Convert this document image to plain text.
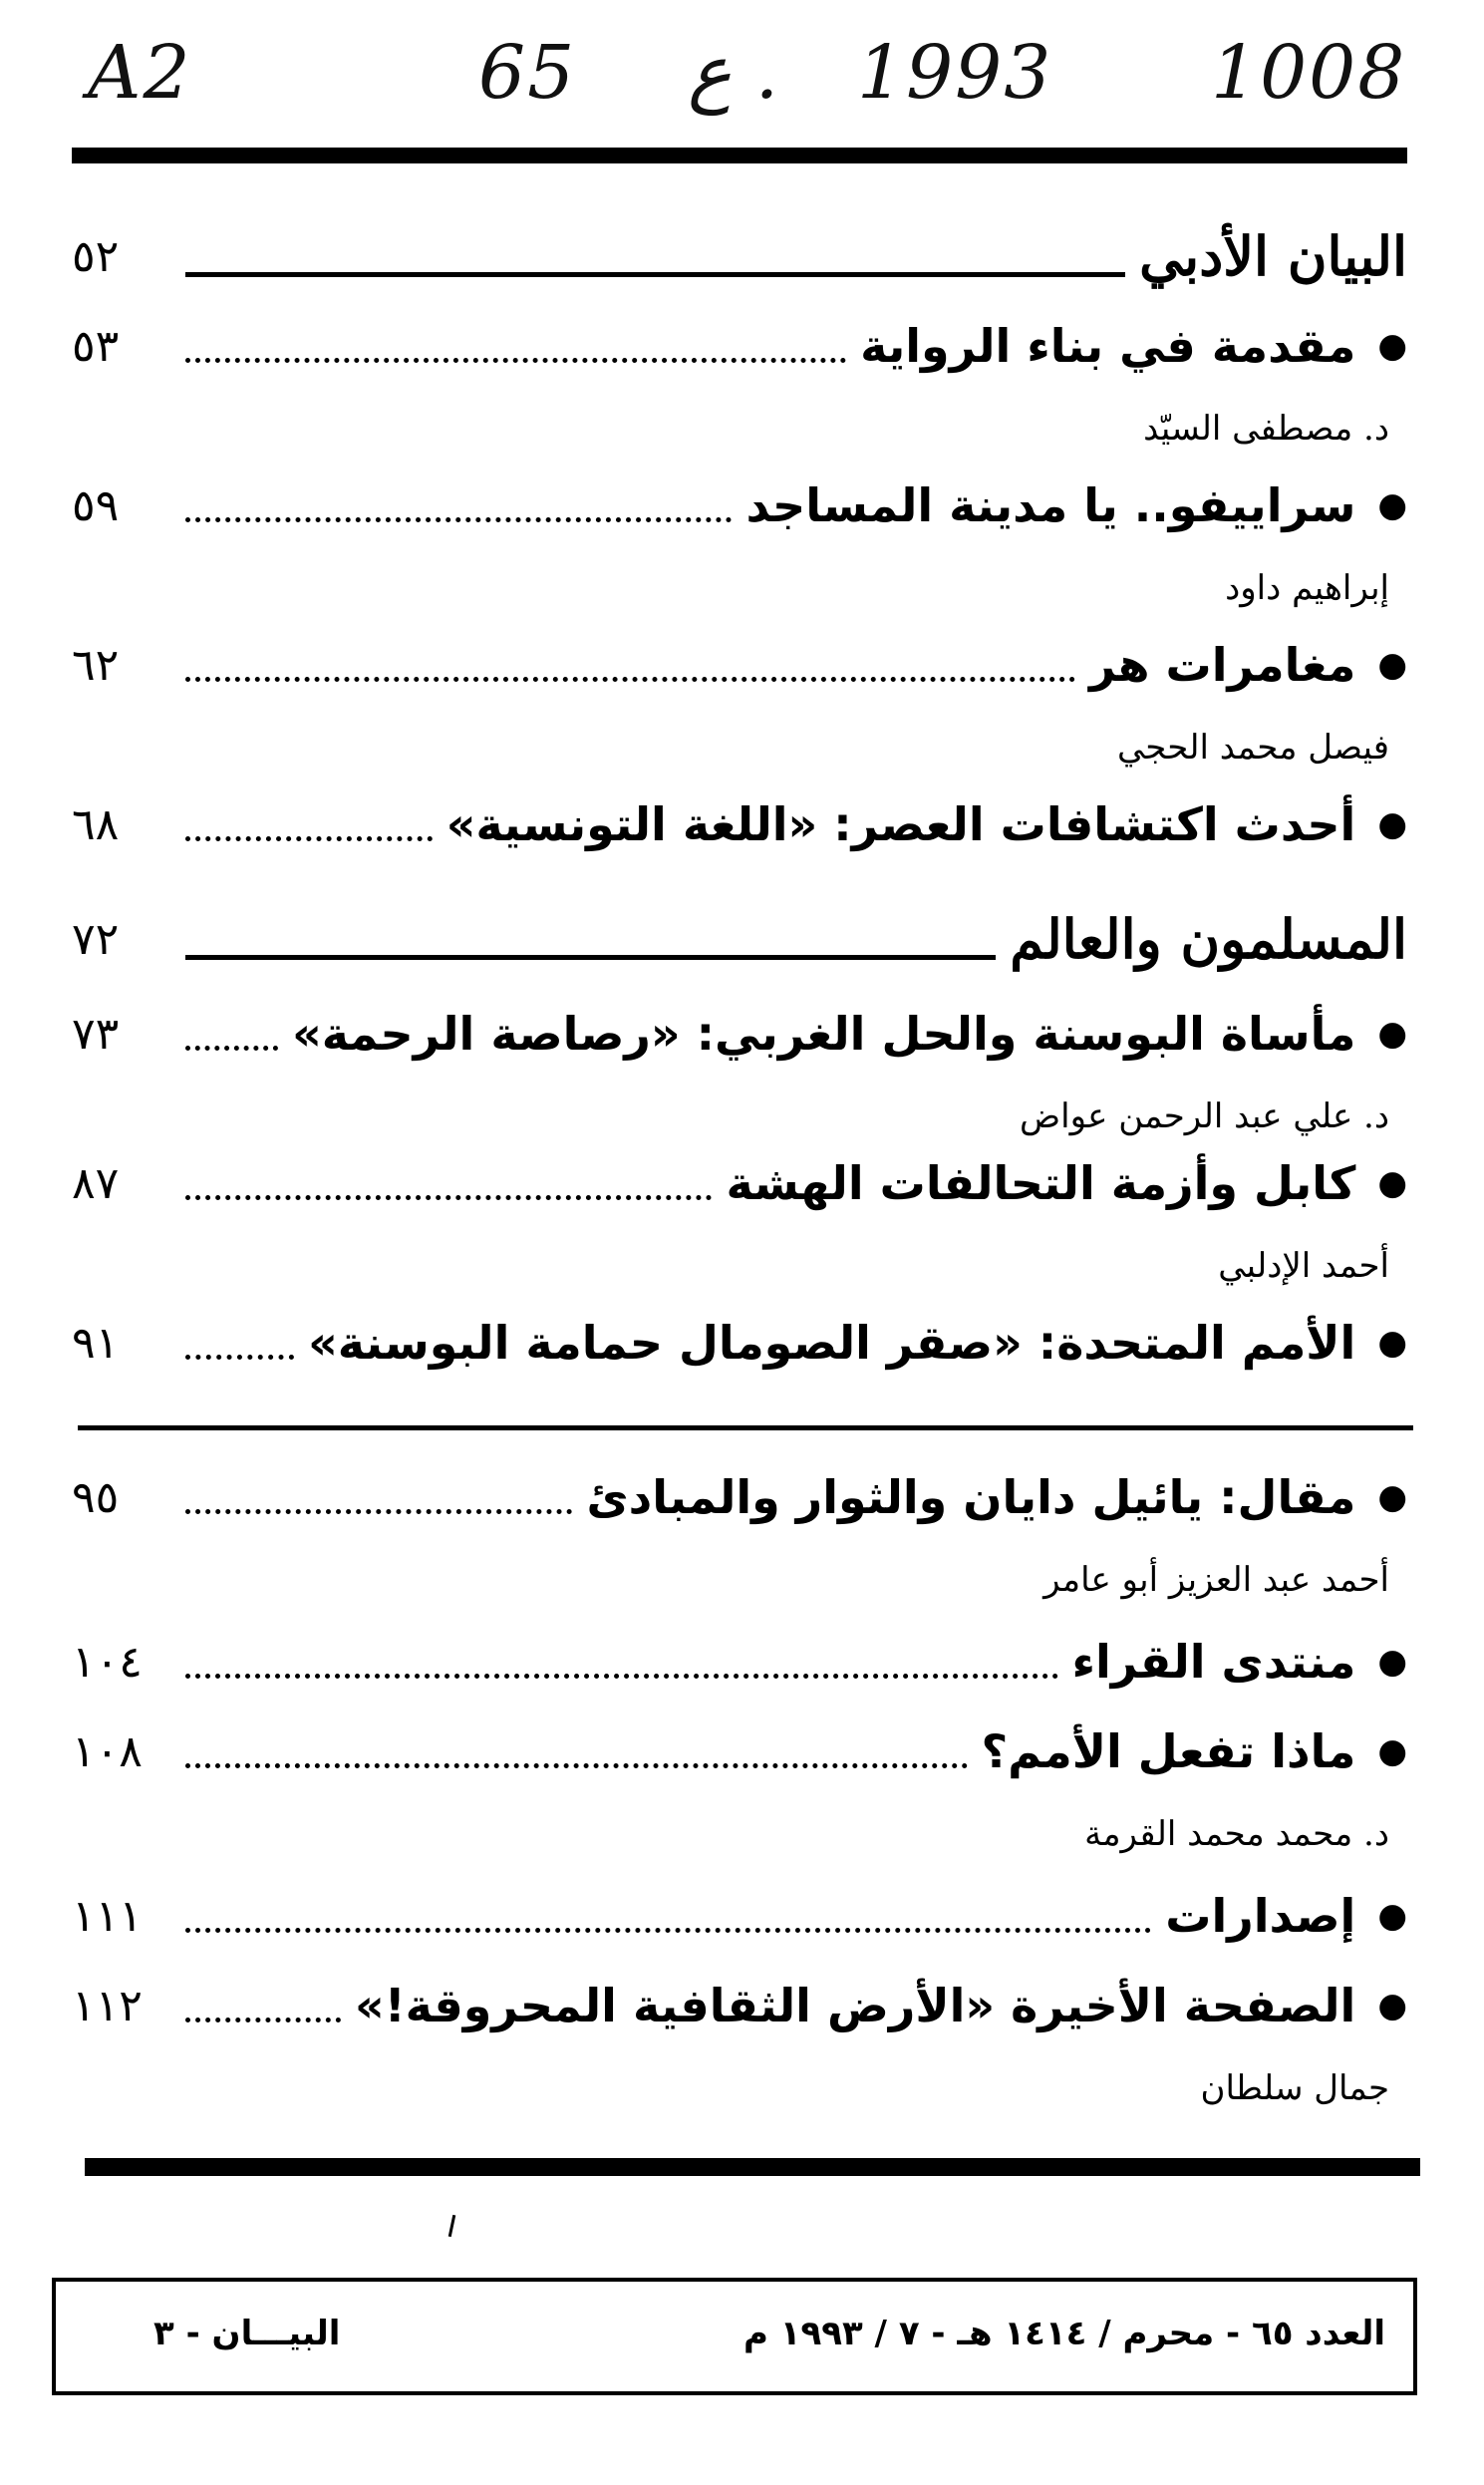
A2	65 ع . 1993 1008
البيان الأدبي
٥٢
●
مقدمة في بناء الرواية
٥٣
د. مصطفى السيّد
●
سراييفو.. يا مدينة المساجد
٥٩
إبراهيم داود
●
مغامرات هر
٦٢
فيصل محمد الحجي
●
أحدث اكتشافات العصر: «اللغة التونسية»
٦٨
المسلمون والعالم
٧٢
●
مأساة البوسنة والحل الغربي: «رصاصة الرحمة»
٧٣
د. علي عبد الرحمن عواض
●
كابل وأزمة التحالفات الهشة
٨٧
أحمد الإدلبي
●
الأمم المتحدة: «صقر الصومال حمامة البوسنة»
٩١
●
مقال: يائيل دايان والثوار والمبادئ
٩٥
أحمد عبد العزيز أبو عامر
●
منتدى القراء
١٠٤
●
ماذا تفعل الأمم؟
١٠٨
د. محمد محمد القرمة
●
إصدارات
١١١
●
الصفحة الأخيرة «الأرض الثقافية المحروقة!»
١١٢
جمال سلطان
العدد ٦٥ - محرم / ١٤١٤ هـ - ٧ / ١٩٩٣ م
البيـــان - ٣
